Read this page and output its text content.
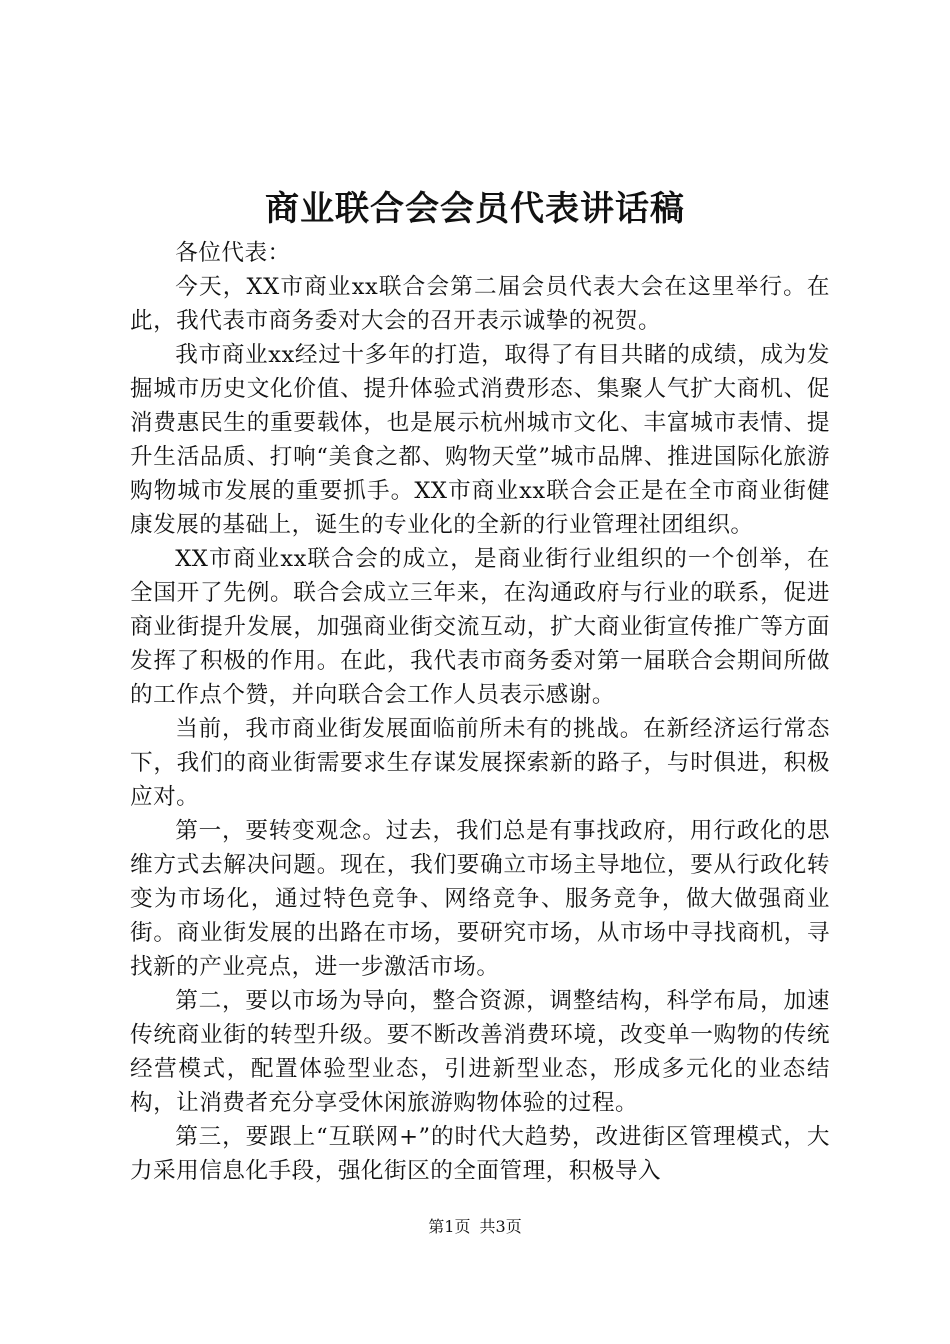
商业联合会会员代表讲话稿

各位代表：

今天，XX市商业xx联合会第二届会员代表大会在这里举行。在此，我代表市商务委对大会的召开表示诚挚的祝贺。

我市商业xx经过十多年的打造，取得了有目共睹的成绩，成为发掘城市历史文化价值、提升体验式消费形态、集聚人气扩大商机、促消费惠民生的重要载体，也是展示杭州城市文化、丰富城市表情、提升生活品质、打响“美食之都、购物天堂”城市品牌、推进国际化旅游购物城市发展的重要抓手。XX市商业xx联合会正是在全市商业街健康发展的基础上，诞生的专业化的全新的行业管理社团组织。

XX市商业xx联合会的成立，是商业街行业组织的一个创举，在全国开了先例。联合会成立三年来，在沟通政府与行业的联系，促进商业街提升发展，加强商业街交流互动，扩大商业街宣传推广等方面发挥了积极的作用。在此，我代表市商务委对第一届联合会期间所做的工作点个赞，并向联合会工作人员表示感谢。

当前，我市商业街发展面临前所未有的挑战。在新经济运行常态下，我们的商业街需要求生存谋发展探索新的路子，与时俱进，积极应对。

第一，要转变观念。过去，我们总是有事找政府，用行政化的思维方式去解决问题。现在，我们要确立市场主导地位，要从行政化转变为市场化，通过特色竞争、网络竞争、服务竞争，做大做强商业街。商业街发展的出路在市场，要研究市场，从市场中寻找商机，寻找新的产业亮点，进一步激活市场。

第二，要以市场为导向，整合资源，调整结构，科学布局，加速传统商业街的转型升级。要不断改善消费环境，改变单一购物的传统经营模式，配置体验型业态，引进新型业态，形成多元化的业态结构，让消费者充分享受休闲旅游购物体验的过程。

第三，要跟上“互联网+”的时代大趋势，改进街区管理模式，大力采用信息化手段，强化街区的全面管理，积极导入

第1页 共3页
